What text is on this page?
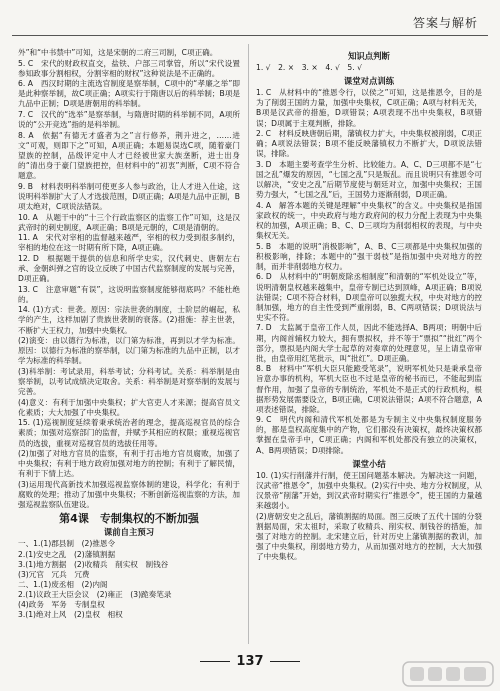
答案与解析

外”和“中书禁中”可知，这是宋朝的二府三司制，C项正确。

5. C　宋代的财政权直交，盐铁、户部三司掌管，所以“宋代设置参知政事分割相权，分割宰相的财权”这种说法是不正确的。

6. A　西汉时期的主流选官制度是察举制，C项中的“孝廉之举”即是此种察举制，故C项正确；A项实行于隋唐以后的科举制；B项是九品中正制；D项是唐朝用的科举制。

7. C　汉代的“选举”是察举制，与隋唐时期的科举制不同，A项所说的“公开竞选”指的是科举制。

8. A　依据“有德无才盛者为之”言行修养，荆升进之，……进文“可观，则即下之”可知，A项正确；本题易误选C项，随着豪门望族的控制，品级评定中人才已经被世家大族垄断，进士出身的“清出身于豪门望族把控，但材料中的“初衷”判断，C项不符合题意。

9. B　材料表明科举制可使更多人参与政治，让人才进入仕途，这说明科举制扩大了人才选拔范围，D项正确；A项是九品中正制，B项太绝对，C项说法错误。

10. A　从题干中的“十三个行政监察区的监察工作”可知，这是汉武帝时的刺史制度，A项正确；B项是元朝的，C项是清朝的。

11. A　宋代对宰相的监督越来越严，宰相的权力受到很多制约，宰相的地位在这一时期有所下降，A项正确。

12. D　根据题干提供的信息和所学史实，汉代刺史、唐朝左右承、金朝纠弹之官的设立反映了中国古代监察制度的发展与完善，D项正确。

13. C　注意审题“有误”，这说明监察制度能够彻底吗？不能杜绝的。

14. (1)方式：世袭。原因：宗法世袭的制度，士阶层的崛起，私学的产生，这样加剧了贵族世袭制的衰落。(2)措施：荐主世袭，不断扩大王权力，加强中央集权。

(2)演变：由以德行为标准，以门第为标准，再到以才学为标准。原因：以德行为标准的察举制，以门第为标准的九品中正制，以才学为标准的科举制。

(3)科举制：考试录用，科举考试；分科考试。关系：科举制是由察举制，以考试成绩决定取舍。关系：科举制是对察举制的发展与完善。

(4)意义：有利于加强中央集权；扩大官吏人才来源；提高官员文化素质；大大加强了中央集权。

15. (1)巡视制度延续着秉承统治者的理念，提高巡视官员的综合素质；加强对巡察部门的监督，并赋予其相应的权限；重视巡视官员的选拔，重视对巡视官员的选拔任用等。

(2)加强了对地方官员的监察，有利于打击地方官员腐败，加强了中央集权；有利于地方政府加强对地方的控制；有利于了解民情，有利于下情上达。

(3)运用现代高新技术加强巡视监察体制的建设，科学化；有利于腐败的处理；推动了加强中央集权；不断创新巡视监察的方法，加强巡视监察队伍建设。

第4课　专制集权的不断加强
课前自主预习

一、1.(1)郡县制　(2)推恩令

2.(1)安史之乱　(2)藩镇割据

3.(1)地方割据　(2)收精兵　削实权　制钱谷

(3)冗官　冗兵　冗费

二、1.(1)废丞相　(2)内阁

2.(1)议政王大臣会议　(2)雍正　(3)跪奏笔录

(4)政务　军务　专制皇权

3.(1)绝对上风　(2)皇权　相权

知识点判断

1. √　2. ×　3. ×　4. √　5. √

课堂对点训练

1. C　从材料中的“推恩令行，以侯之”可知，这是推恩令，目的是为了削弱王国的力量，加强中央集权，C项正确；A项与材料无关，B项是汉武帝的措施，D项错误；A项表现不出中央集权，B项错误；D项属于主观判断，排除。

2. C　材料反映唐朝后期，藩镇权力扩大，中央集权被削弱，C项正确；A项说法错误；B项不能反映藩镇权力不断扩大，D项说法错误，排除。

3. D　本题主要考查学生分析、比较能力。A、C、D三项都不是“七国之乱”爆发的原因，“七国之乱”只是叛乱。而且说明只有推恩令可以解决，“安史之乱”后期节度使与朝廷对立，加强中央集权；王国势力强大，“七国之乱”后，王国势力逐渐削弱，D项正确。

4. A　解答本题的关键是理解“中央集权”的含义。中央集权是指国家政权的统一，中央政府与地方政府间的权力分配上表现为中央集权的加强，A项正确；B、C、D三项均为削弱相权的表现，与中央集权无关。

5. B　本题的说明“消极影响”，A、B、C三项都是中央集权加强的积极影响，排除；本题中的“强干弱枝”是指加强中央对地方的控制，而并非削弱地方权力。

6. D　从材料中的“明朝废除丞相制度”和清朝的“军机处设立”等，说明清朝皇权越来越集中，皇帝专制已达到顶峰，A项正确；B项说法错误；C项不符合材料，D项皇帝可以独揽大权，中央对地方的控制加强，地方的自主性受到严重削弱，B、C两项错误；D项说法与史实不符。

7. D　太监属于皇帝工作人员，因此不能选择A、B两项；明朝中后期，内阁首辅权力较大，拥有票拟权，并不等于“票拟”“批红”两个部分，票拟是内阁大学士起草的对奏章的处理意见，呈上请皇帝审批，由皇帝用红笔批示，叫“批红”。D项正确。

8. B　材料中“军机大臣只能跪受笔录”，说明军机处只是秉承皇帝旨意办事的机构，军机大臣也不过是皇帝的秘书而已，不能起到监督作用，加强了皇帝的专制统治，军机处不是正式的行政机构，根据形势发展需要设立，B项正确，C项说法错误；A项不符合题意，A项表述错误，排除。

9. C　明代内阁和清代军机处都是为专制主义中央集权制度服务的，都是皇权高度集中的产物，它们都没有决策权，最终决策权都掌握在皇帝手中，C项正确；内阁和军机处都没有独立的决策权，A、B两项错误；D项排除。

课堂小结

10. (1)实行削藩并行制，使王国问题基本解决。为解决这一问题，汉武帝“推恩令”，加强中央集权。(2)实行中央、地方分权制度，从汉景帝“削藩”开始，到汉武帝时期实行“推恩令”，使王国的力量越来越弱小。

(2)唐朝安史之乱后，藩镇割据的局面。图三反映了五代十国的分裂割据局面，宋太祖时，采取了收精兵、削实权、制钱谷的措施，加强了对地方的控制。北宋建立后，针对历史上藩镇割据的教训，加强了中央集权，削弱地方势力，从而加强对地方的控制，大大加强了中央集权。

137
